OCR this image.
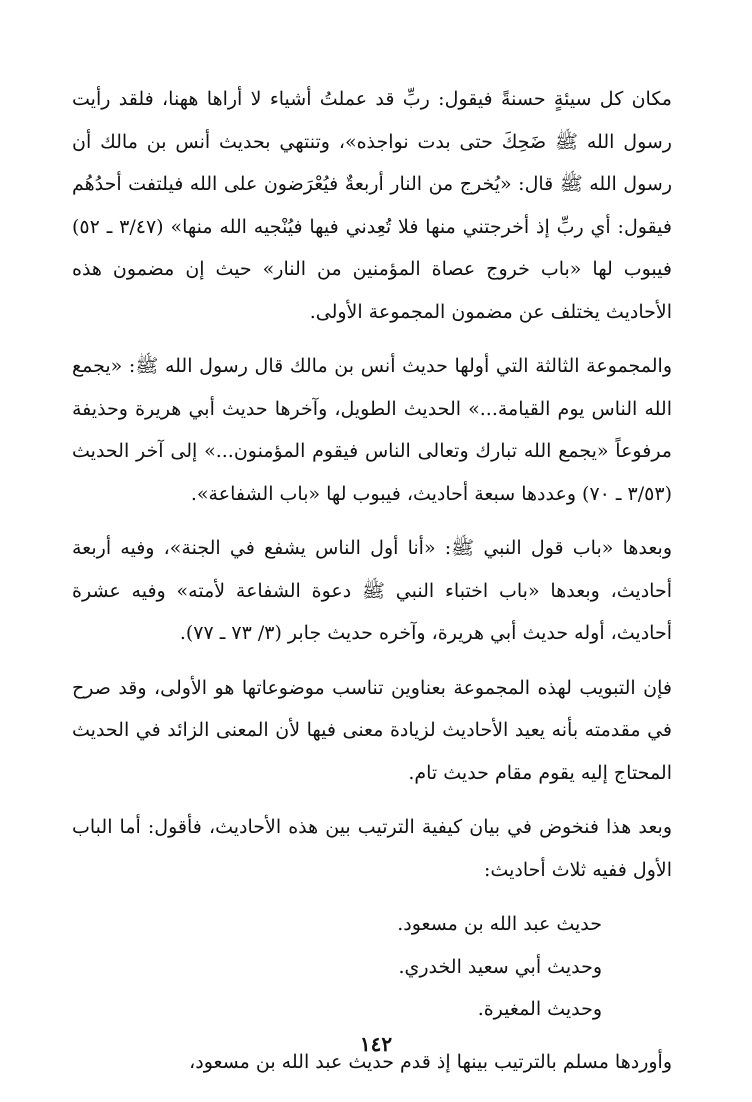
مكان كل سيئةٍ حسنةً فيقول: ربِّ قد عملتُ أشياء لا أراها ههنا، فلقد رأيت رسول الله ﷺ ضَحِكَ حتى بدت نواجذه»، وتنتهي بحديث أنس بن مالك أن رسول الله ﷺ قال: «يُخرج من النار أربعةٌ فيُعْرَضون على الله فيلتفت أحدُهُم فيقول: أي ربِّ إذ أخرجتني منها فلا تُعِدني فيها فيُنْجيه الله منها» (٣/٤٧ ـ ٥٢) فيبوب لها «باب خروج عصاة المؤمنين من النار» حيث إن مضمون هذه الأحاديث يختلف عن مضمون المجموعة الأولى.

والمجموعة الثالثة التي أولها حديث أنس بن مالك قال رسول الله ﷺ: «يجمع الله الناس يوم القيامة...» الحديث الطويل، وآخرها حديث أبي هريرة وحذيفة مرفوعاً «يجمع الله تبارك وتعالى الناس فيقوم المؤمنون...» إلى آخر الحديث (٣/٥٣ ـ ٧٠) وعددها سبعة أحاديث، فيبوب لها «باب الشفاعة».

وبعدها «باب قول النبي ﷺ: «أنا أول الناس يشفع في الجنة»، وفيه أربعة أحاديث، وبعدها «باب اختباء النبي ﷺ دعوة الشفاعة لأمته» وفيه عشرة أحاديث، أوله حديث أبي هريرة، وآخره حديث جابر (٣/ ٧٣ ـ ٧٧).

فإن التبويب لهذه المجموعة بعناوين تناسب موضوعاتها هو الأولى، وقد صرح في مقدمته بأنه يعيد الأحاديث لزيادة معنى فيها لأن المعنى الزائد في الحديث المحتاج إليه يقوم مقام حديث تام.

وبعد هذا فنخوض في بيان كيفية الترتيب بين هذه الأحاديث، فأقول: أما الباب الأول ففيه ثلاث أحاديث:

حديث عبد الله بن مسعود.

وحديث أبي سعيد الخدري.

وحديث المغيرة.

وأوردها مسلم بالترتيب بينها إذ قدم حديث عبد الله بن مسعود،

١٤٢
